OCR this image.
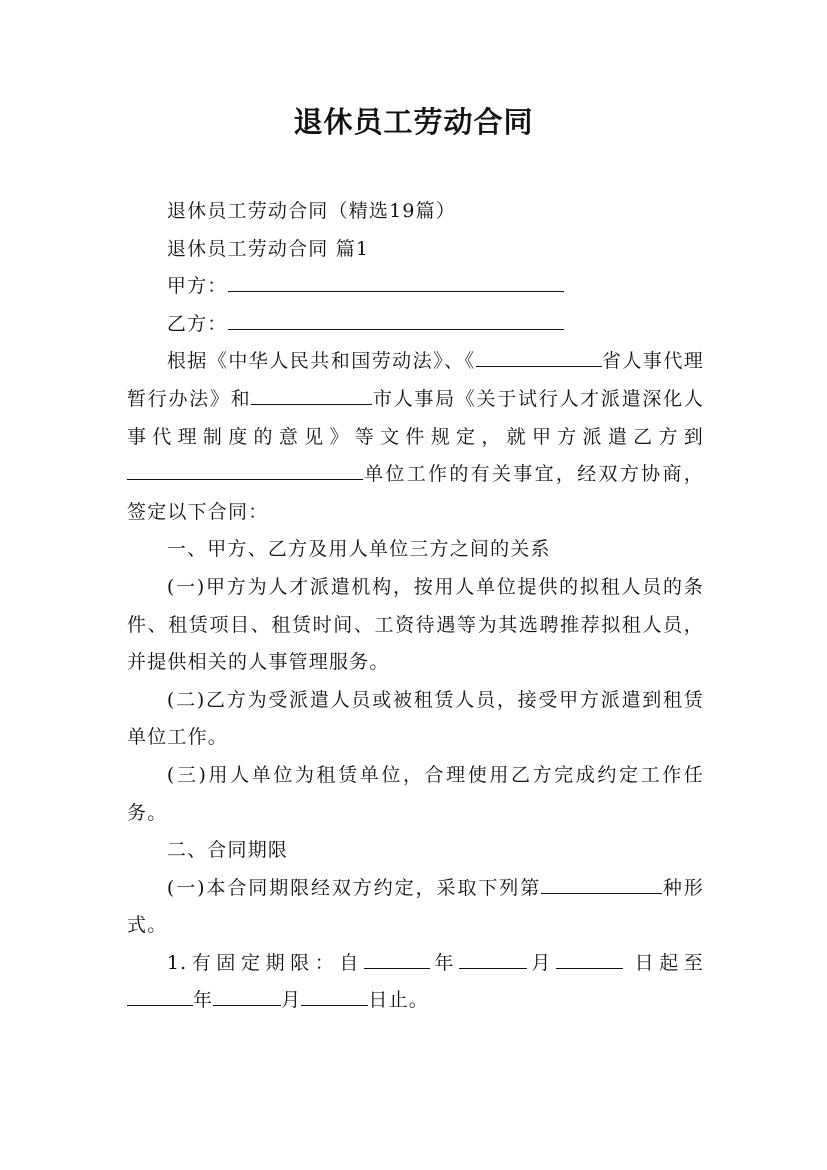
退休员工劳动合同

退休员工劳动合同（精选19篇）

退休员工劳动合同 篇1

甲方：

乙方：

根据《中华人民共和国劳动法》、《	省人事代理暂行办法》和	市人事局《关于试行人才派遣深化人事代理制度的意见》等文件规定，就甲方派遣乙方到单位工作的有关事宜，经双方协商，签定以下合同：

一、甲方、乙方及用人单位三方之间的关系

(一)甲方为人才派遣机构，按用人单位提供的拟租人员的条件、租赁项目、租赁时间、工资待遇等为其选聘推荐拟租人员，并提供相关的人事管理服务。

(二)乙方为受派遣人员或被租赁人员，接受甲方派遣到租赁单位工作。

(三)用人单位为租赁单位，合理使用乙方完成约定工作任务。

二、合同期限

(一)本合同期限经双方约定，采取下列第	种形式。

1.有固定期限：自	年	月	日起至年	月	日止。
